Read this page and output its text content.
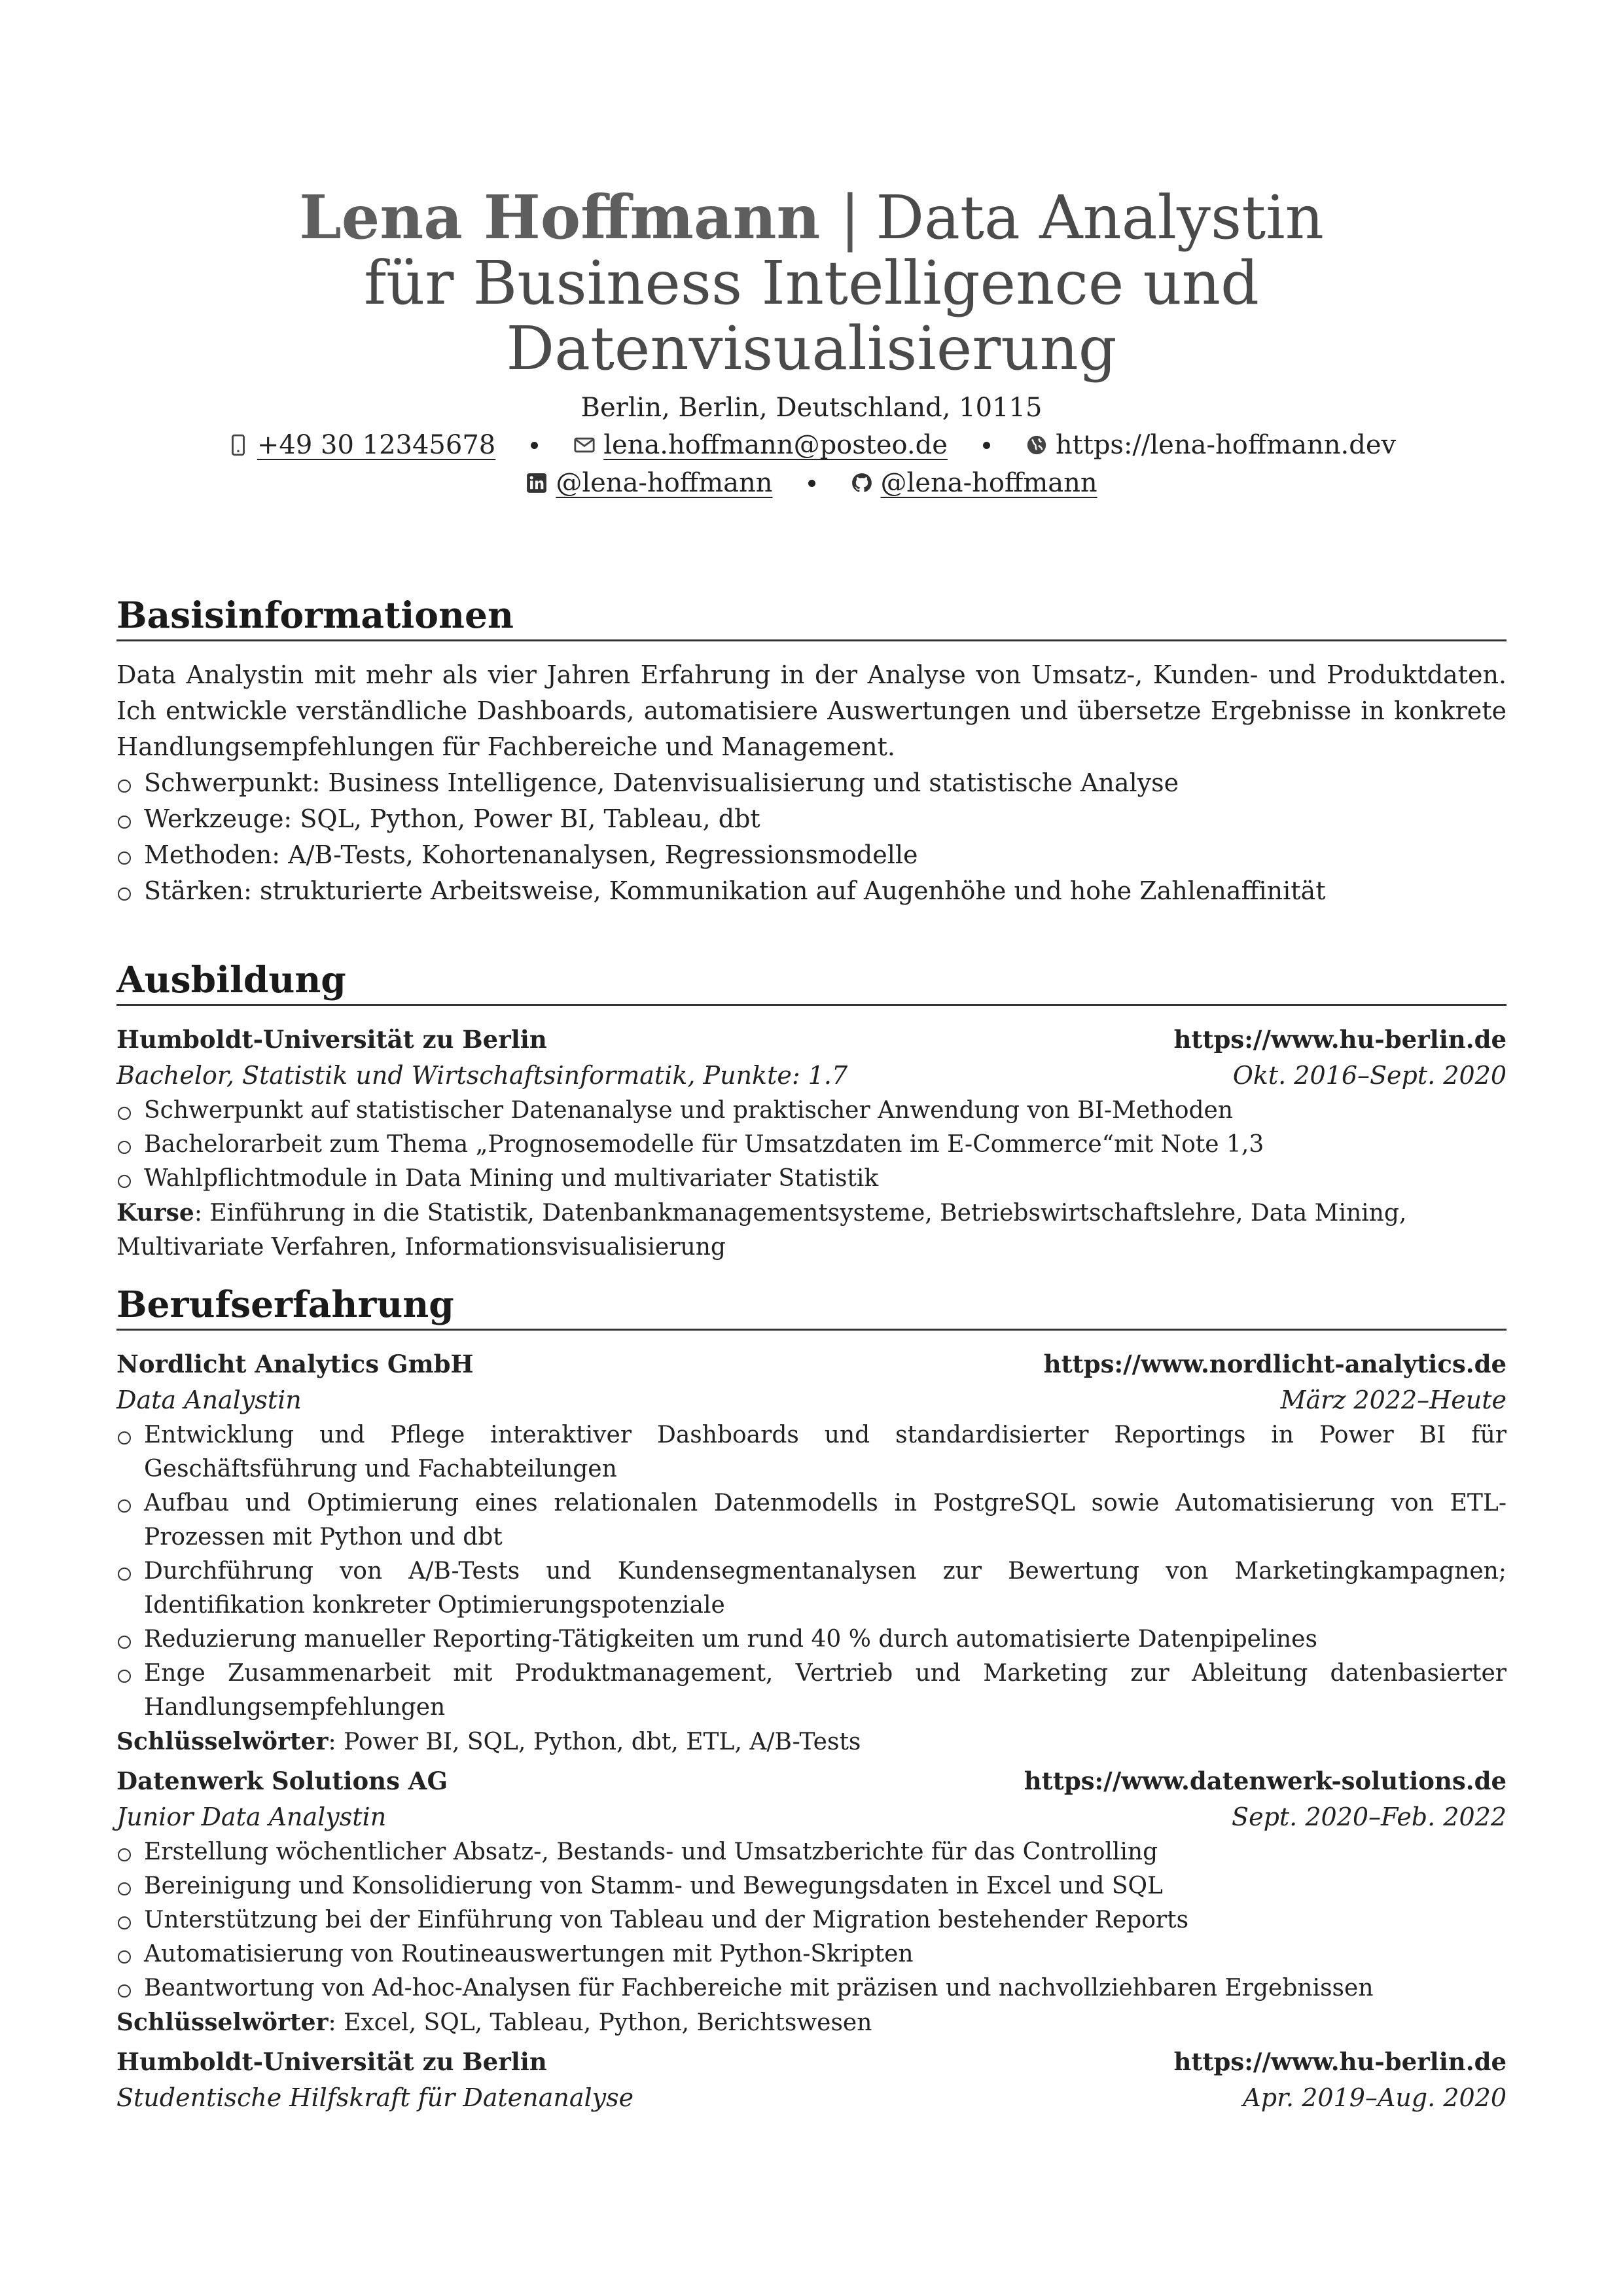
Lena Hoffmann | Data Analystin für Business Intelligence und Datenvisualisierung
Berlin, Berlin, Deutschland, 10115
+49 30 12345678	lena.hoffmann@posteo.de	https://lena-hoffmann.dev
@lena-hoffmann	@lena-hoffmann
Basisinformationen

Data Analystin mit mehr als vier Jahren Erfahrung in der Analyse von Umsatz-, Kunden- und Produktdaten. Ich entwickle verständliche Dashboards, automatisiere Auswertungen und übersetze Ergebnisse in konkrete Handlungsempfehlungen für Fachbereiche und Management.

Schwerpunkt: Business Intelligence, Datenvisualisierung und statistische Analyse
Werkzeuge: SQL, Python, Power BI, Tableau, dbt
Methoden: A/B-Tests, Kohortenanalysen, Regressionsmodelle
Stärken: strukturierte Arbeitsweise, Kommunikation auf Augenhöhe und hohe Zahlenaffinität
Ausbildung
Humboldt-Universität zu Berlin	https://www.hu-berlin.de
Bachelor, Statistik und Wirtschaftsinformatik, Punkte: 1.7	Okt. 2016–Sept. 2020
Schwerpunkt auf statistischer Datenanalyse und praktischer Anwendung von BI-Methoden
Bachelorarbeit zum Thema „Prognosemodelle für Umsatzdaten im E-Commerce“mit Note 1,3
Wahlpflichtmodule in Data Mining und multivariater Statistik
Kurse: Einführung in die Statistik, Datenbankmanagementsysteme, Betriebswirtschaftslehre, Data Mining, Multivariate Verfahren, Informationsvisualisierung
Berufserfahrung
Nordlicht Analytics GmbH	https://www.nordlicht-analytics.de
Data Analystin	März 2022–Heute
Entwicklung und Pflege interaktiver Dashboards und standardisierter Reportings in Power BI für Geschäftsführung und Fachabteilungen
Aufbau und Optimierung eines relationalen Datenmodells in PostgreSQL sowie Automatisierung von ETL-Prozessen mit Python und dbt
Durchführung von A/B-Tests und Kundensegmentanalysen zur Bewertung von Marketingkampagnen; Identifikation konkreter Optimierungspotenziale
Reduzierung manueller Reporting-Tätigkeiten um rund 40 % durch automatisierte Datenpipelines
Enge Zusammenarbeit mit Produktmanagement, Vertrieb und Marketing zur Ableitung datenbasierter Handlungsempfehlungen
Schlüsselwörter: Power BI, SQL, Python, dbt, ETL, A/B-Tests
Datenwerk Solutions AG	https://www.datenwerk-solutions.de
Junior Data Analystin	Sept. 2020–Feb. 2022
Erstellung wöchentlicher Absatz-, Bestands- und Umsatzberichte für das Controlling
Bereinigung und Konsolidierung von Stamm- und Bewegungsdaten in Excel und SQL
Unterstützung bei der Einführung von Tableau und der Migration bestehender Reports
Automatisierung von Routineauswertungen mit Python-Skripten
Beantwortung von Ad-hoc-Analysen für Fachbereiche mit präzisen und nachvollziehbaren Ergebnissen
Schlüsselwörter: Excel, SQL, Tableau, Python, Berichtswesen
Humboldt-Universität zu Berlin	https://www.hu-berlin.de
Studentische Hilfskraft für Datenanalyse	Apr. 2019–Aug. 2020
